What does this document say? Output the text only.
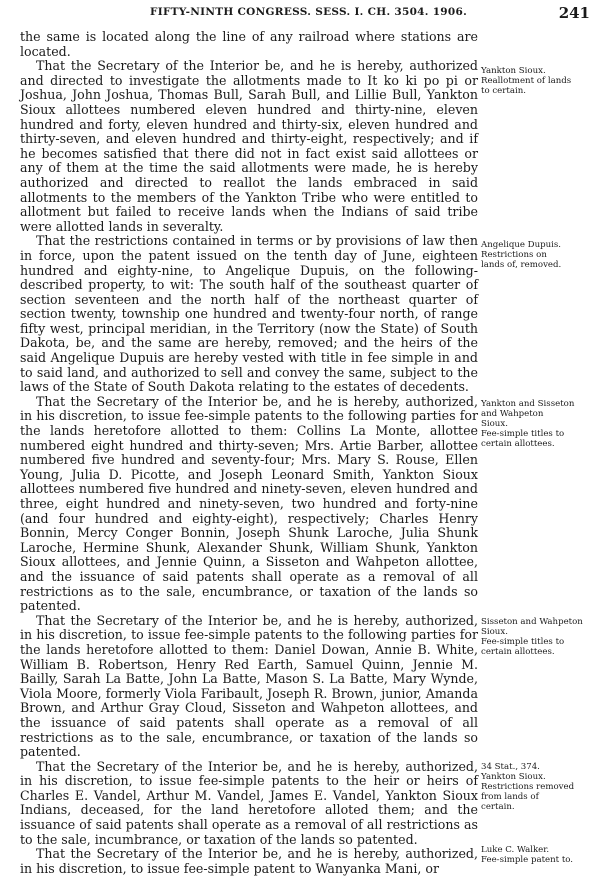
FIFTY-NINTH CONGRESS. SESS. I. CH. 3504. 1906.	241

the same is located along the line of any railroad where stations are located.

That the Secretary of the Interior be, and he is hereby, authorized and directed to investigate the allotments made to It ko ki po pi or Joshua, John Joshua, Thomas Bull, Sarah Bull, and Lillie Bull, Yankton Sioux allottees numbered eleven hundred and thirty-nine, eleven hundred and forty, eleven hundred and thirty-six, eleven hundred and thirty-seven, and eleven hundred and thirty-eight, respectively; and if he becomes satisfied that there did not in fact exist said allottees or any of them at the time the said allotments were made, he is hereby authorized and directed to reallot the lands embraced in said allotments to the members of the Yankton Tribe who were entitled to allotment but failed to receive lands when the Indians of said tribe were allotted lands in severalty.

That the restrictions contained in terms or by provisions of law then in force, upon the patent issued on the tenth day of June, eighteen hundred and eighty-nine, to Angelique Dupuis, on the following-described property, to wit: The south half of the southeast quarter of section seventeen and the north half of the northeast quarter of section twenty, township one hundred and twenty-four north, of range fifty west, principal meridian, in the Territory (now the State) of South Dakota, be, and the same are hereby, removed; and the heirs of the said Angelique Dupuis are hereby vested with title in fee simple in and to said land, and authorized to sell and convey the same, subject to the laws of the State of South Dakota relating to the estates of decedents.

That the Secretary of the Interior be, and he is hereby, authorized, in his discretion, to issue fee-simple patents to the following parties for the lands heretofore allotted to them: Collins La Monte, allottee numbered eight hundred and thirty-seven; Mrs. Artie Barber, allottee numbered five hundred and seventy-four; Mrs. Mary S. Rouse, Ellen Young, Julia D. Picotte, and Joseph Leonard Smith, Yankton Sioux allottees numbered five hundred and ninety-seven, eleven hundred and three, eight hundred and ninety-seven, two hundred and forty-nine (and four hundred and eighty-eight), respectively; Charles Henry Bonnin, Mercy Conger Bonnin, Joseph Shunk Laroche, Julia Shunk Laroche, Hermine Shunk, Alexander Shunk, William Shunk, Yankton Sioux allottees, and Jennie Quinn, a Sisseton and Wahpeton allottee, and the issuance of said patents shall operate as a removal of all restrictions as to the sale, encumbrance, or taxation of the lands so patented.

That the Secretary of the Interior be, and he is hereby, authorized, in his discretion, to issue fee-simple patents to the following parties for the lands heretofore allotted to them: Daniel Dowan, Annie B. White, William B. Robertson, Henry Red Earth, Samuel Quinn, Jennie M. Bailly, Sarah La Batte, John La Batte, Mason S. La Batte, Mary Wynde, Viola Moore, formerly Viola Faribault, Joseph R. Brown, junior, Amanda Brown, and Arthur Gray Cloud, Sisseton and Wahpeton allottees, and the issuance of said patents shall operate as a removal of all restrictions as to the sale, encumbrance, or taxation of the lands so patented.

That the Secretary of the Interior be, and he is hereby, authorized, in his discretion, to issue fee-simple patents to the heir or heirs of Charles E. Vandel, Arthur M. Vandel, James E. Vandel, Yankton Sioux Indians, deceased, for the land heretofore alloted them; and the issuance of said patents shall operate as a removal of all restrictions as to the sale, incumbrance, or taxation of the lands so patented.

That the Secretary of the Interior be, and he is hereby, authorized, in his discretion, to issue fee-simple patent to Wanyanka Mani, or

Yankton Sioux.
Reallotment of lands
to certain.
Angelique Dupuis.
Restrictions on
lands of, removed.
Yankton and Sisseton and Wahpeton
Sioux.
Fee-simple titles to
certain allottees.
Sisseton and Wahpeton Sioux.
Fee-simple titles to
certain allottees.
34 Stat., 374.
Yankton Sioux.
Restrictions removed from lands of
certain.
Luke C. Walker.
Fee-simple patent to.
